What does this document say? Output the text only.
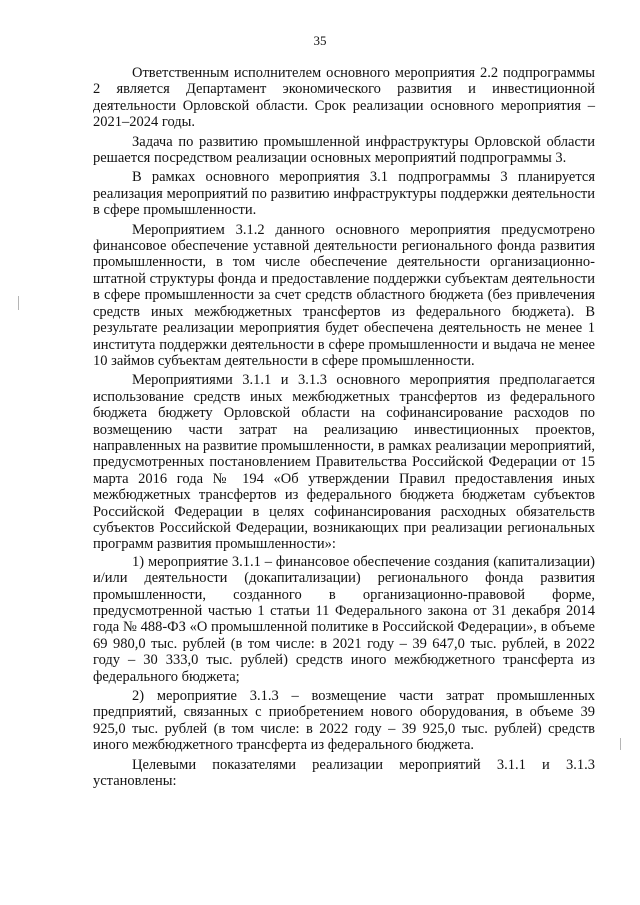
35

Ответственным исполнителем основного мероприятия 2.2 подпрограммы 2 является Департамент экономического развития и инвестиционной деятельности Орловской области. Срок реализации основного мероприятия – 2021–2024 годы.

Задача по развитию промышленной инфраструктуры Орловской области решается посредством реализации основных мероприятий подпрограммы 3.

В рамках основного мероприятия 3.1 подпрограммы 3 планируется реализация мероприятий по развитию инфраструктуры поддержки деятельности в сфере промышленности.

Мероприятием 3.1.2 данного основного мероприятия предусмотрено финансовое обеспечение уставной деятельности регионального фонда развития промышленности, в том числе обеспечение деятельности организационно-штатной структуры фонда и предоставление поддержки субъектам деятельности в сфере промышленности за счет средств областного бюджета (без привлечения средств иных межбюджетных трансфертов из федерального бюджета). В результате реализации мероприятия будет обеспечена деятельность не менее 1 института поддержки деятельности в сфере промышленности и выдача не менее 10 займов субъектам деятельности в сфере промышленности.

Мероприятиями 3.1.1 и 3.1.3 основного мероприятия предполагается использование средств иных межбюджетных трансфертов из федерального бюджета бюджету Орловской области на софинансирование расходов по возмещению части затрат на реализацию инвестиционных проектов, направленных на развитие промышленности, в рамках реализации мероприятий, предусмотренных постановлением Правительства Российской Федерации от 15 марта 2016 года № 194 «Об утверждении Правил предоставления иных межбюджетных трансфертов из федерального бюджета бюджетам субъектов Российской Федерации в целях софинансирования расходных обязательств субъектов Российской Федерации, возникающих при реализации региональных программ развития промышленности»:

1) мероприятие 3.1.1 – финансовое обеспечение создания (капитализации) и/или деятельности (докапитализации) регионального фонда развития промышленности, созданного в организационно-правовой форме, предусмотренной частью 1 статьи 11 Федерального закона от 31 декабря 2014 года № 488-ФЗ «О промышленной политике в Российской Федерации», в объеме 69 980,0 тыс. рублей (в том числе: в 2021 году – 39 647,0 тыс. рублей, в 2022 году – 30 333,0 тыс. рублей) средств иного межбюджетного трансферта из федерального бюджета;

2) мероприятие 3.1.3 – возмещение части затрат промышленных предприятий, связанных с приобретением нового оборудования, в объеме 39 925,0 тыс. рублей (в том числе: в 2022 году – 39 925,0 тыс. рублей) средств иного межбюджетного трансферта из федерального бюджета.

Целевыми показателями реализации мероприятий 3.1.1 и 3.1.3 установлены:
